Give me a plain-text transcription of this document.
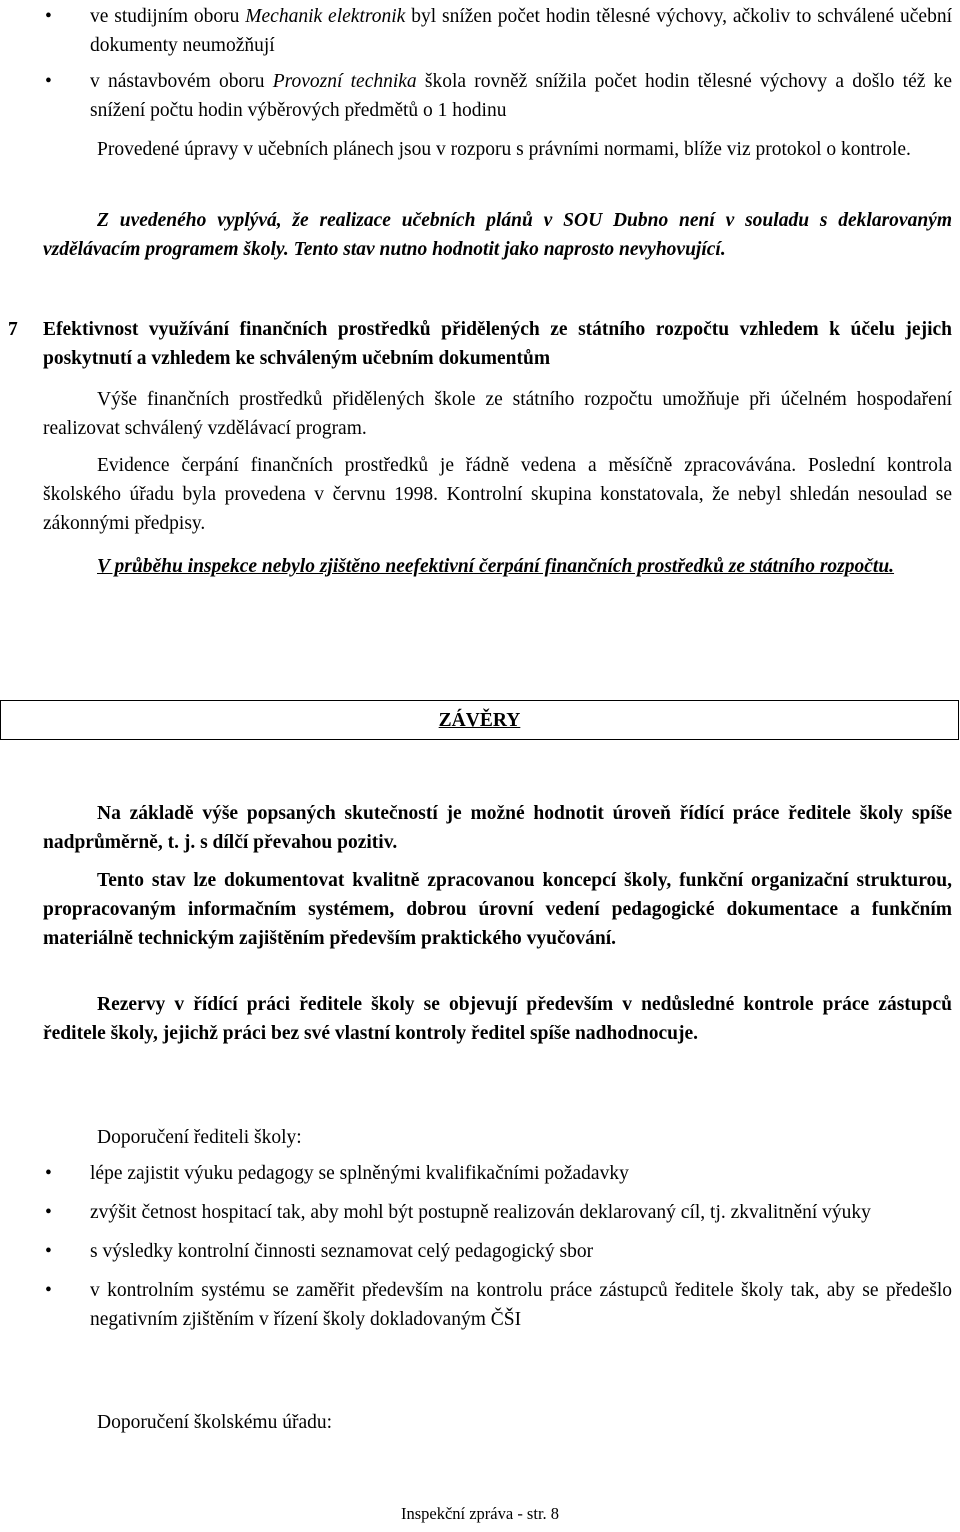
• ve studijním oboru Mechanik elektronik byl snížen počet hodin tělesné výchovy, ačkoliv to schválené učební dokumenty neumožňují
• v nástavbovém oboru Provozní technika škola rovněž snížila počet hodin tělesné výchovy a došlo též ke snížení počtu hodin výběrových předmětů o 1 hodinu

Provedené úpravy v učebních plánech jsou v rozporu s právními normami, blíže viz protokol o kontrole.

Z uvedeného vyplývá, že realizace učebních plánů v SOU Dubno není v souladu s deklarovaným vzdělávacím programem školy. Tento stav nutno hodnotit jako naprosto nevyhovující.

7	Efektivnost využívání finančních prostředků přidělených ze státního rozpočtu vzhledem k účelu jejich poskytnutí a vzhledem ke schváleným učebním dokumentům

Výše finančních prostředků přidělených škole ze státního rozpočtu umožňuje při účelném hospodaření realizovat schválený vzdělávací program.

Evidence čerpání finančních prostředků je řádně vedena a měsíčně zpracovávána. Poslední kontrola školského úřadu byla provedena v červnu 1998. Kontrolní skupina konstatovala, že nebyl shledán nesoulad se zákonnými předpisy.

V průběhu inspekce nebylo zjištěno neefektivní čerpání finančních prostředků ze státního rozpočtu.

ZÁVĚRY

Na základě výše popsaných skutečností je možné hodnotit úroveň řídící práce ředitele školy spíše nadprůměrně, t. j. s dílčí převahou pozitiv.

Tento stav lze dokumentovat kvalitně zpracovanou koncepcí školy, funkční organizační strukturou, propracovaným informačním systémem, dobrou úrovní vedení pedagogické dokumentace a funkčním materiálně technickým zajištěním především praktického vyučování.

Rezervy v řídící práci ředitele školy se objevují především v nedůsledné kontrole práce zástupců ředitele školy, jejichž práci bez své vlastní kontroly ředitel spíše nadhodnocuje.

Doporučení řediteli školy:

• lépe zajistit výuku pedagogy se splněnými kvalifikačními požadavky
• zvýšit četnost hospitací tak, aby mohl být postupně realizován deklarovaný cíl, tj. zkvalitnění výuky
• s výsledky kontrolní činnosti seznamovat celý pedagogický sbor
• v kontrolním systému se zaměřit především na kontrolu práce zástupců ředitele školy tak, aby se předešlo negativním zjištěním v řízení školy dokladovaným ČŠI

Doporučení školskému úřadu:

Inspekční zpráva - str. 8
